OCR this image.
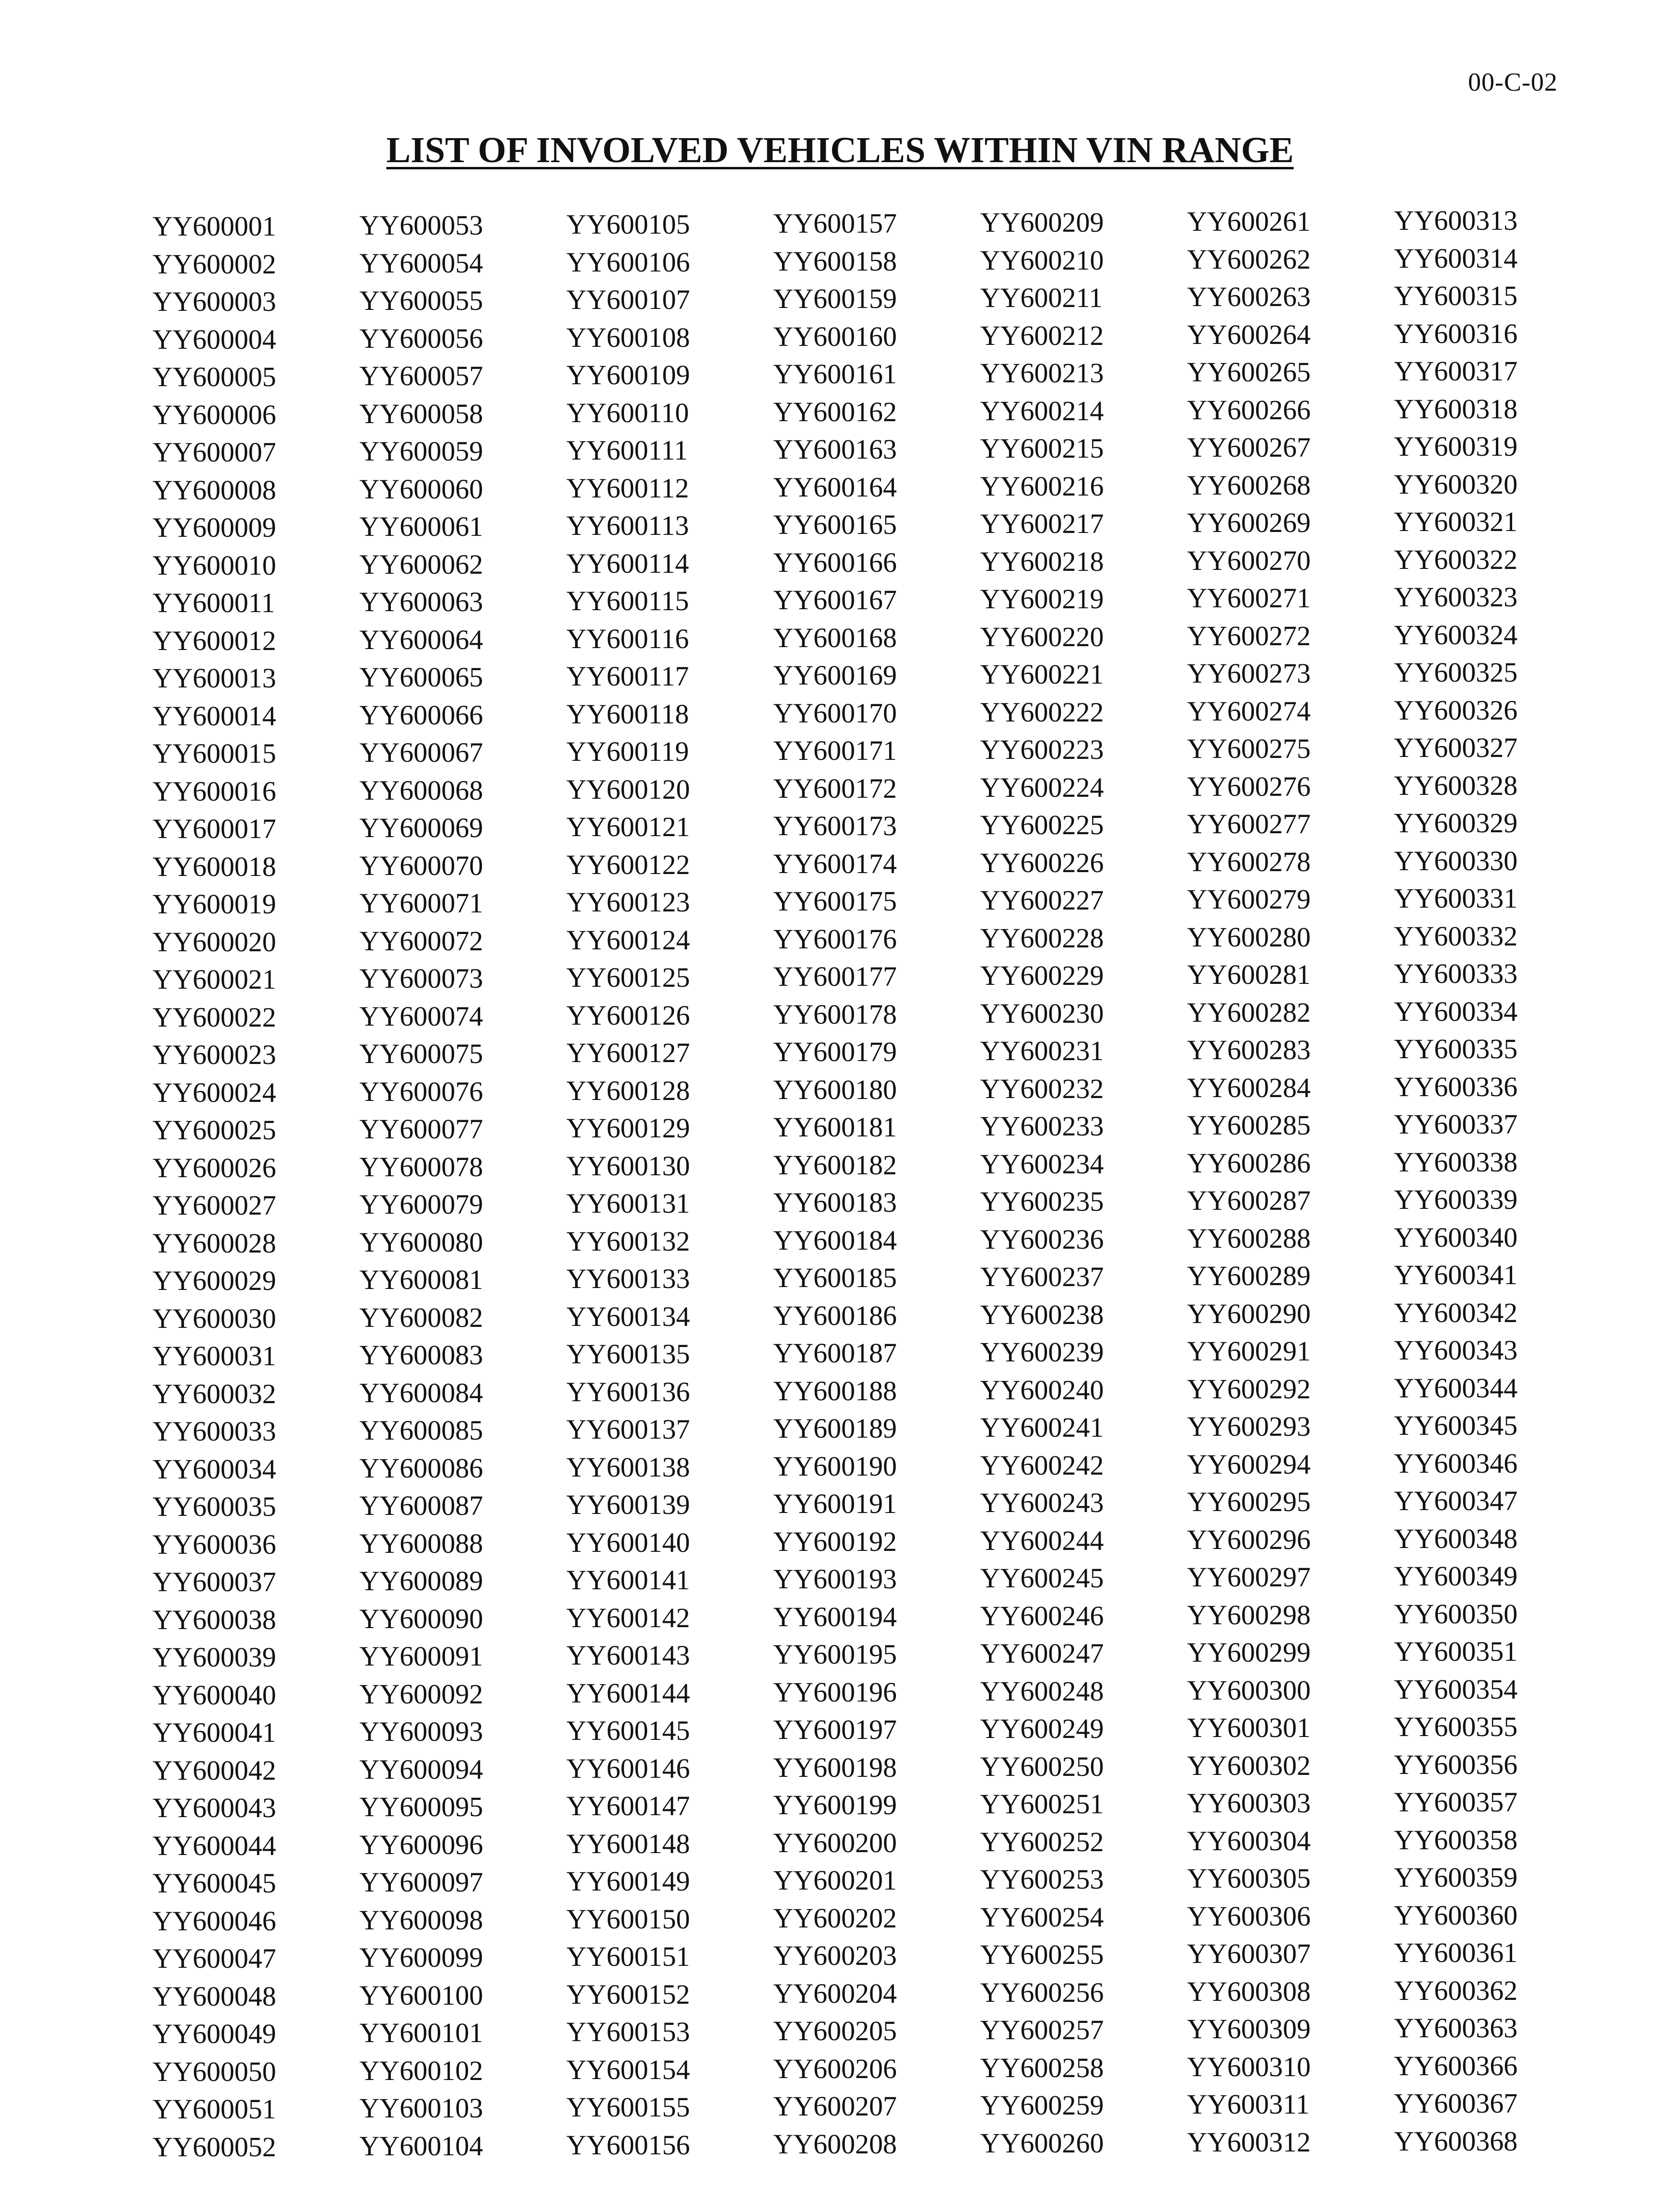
00-C-02
LIST OF INVOLVED VEHICLES WITHIN VIN RANGE
YY600001
YY600002
YY600003
YY600004
YY600005
YY600006
YY600007
YY600008
YY600009
YY600010
YY600011
YY600012
YY600013
YY600014
YY600015
YY600016
YY600017
YY600018
YY600019
YY600020
YY600021
YY600022
YY600023
YY600024
YY600025
YY600026
YY600027
YY600028
YY600029
YY600030
YY600031
YY600032
YY600033
YY600034
YY600035
YY600036
YY600037
YY600038
YY600039
YY600040
YY600041
YY600042
YY600043
YY600044
YY600045
YY600046
YY600047
YY600048
YY600049
YY600050
YY600051
YY600052
YY600053
YY600054
YY600055
YY600056
YY600057
YY600058
YY600059
YY600060
YY600061
YY600062
YY600063
YY600064
YY600065
YY600066
YY600067
YY600068
YY600069
YY600070
YY600071
YY600072
YY600073
YY600074
YY600075
YY600076
YY600077
YY600078
YY600079
YY600080
YY600081
YY600082
YY600083
YY600084
YY600085
YY600086
YY600087
YY600088
YY600089
YY600090
YY600091
YY600092
YY600093
YY600094
YY600095
YY600096
YY600097
YY600098
YY600099
YY600100
YY600101
YY600102
YY600103
YY600104
YY600105
YY600106
YY600107
YY600108
YY600109
YY600110
YY600111
YY600112
YY600113
YY600114
YY600115
YY600116
YY600117
YY600118
YY600119
YY600120
YY600121
YY600122
YY600123
YY600124
YY600125
YY600126
YY600127
YY600128
YY600129
YY600130
YY600131
YY600132
YY600133
YY600134
YY600135
YY600136
YY600137
YY600138
YY600139
YY600140
YY600141
YY600142
YY600143
YY600144
YY600145
YY600146
YY600147
YY600148
YY600149
YY600150
YY600151
YY600152
YY600153
YY600154
YY600155
YY600156
YY600157
YY600158
YY600159
YY600160
YY600161
YY600162
YY600163
YY600164
YY600165
YY600166
YY600167
YY600168
YY600169
YY600170
YY600171
YY600172
YY600173
YY600174
YY600175
YY600176
YY600177
YY600178
YY600179
YY600180
YY600181
YY600182
YY600183
YY600184
YY600185
YY600186
YY600187
YY600188
YY600189
YY600190
YY600191
YY600192
YY600193
YY600194
YY600195
YY600196
YY600197
YY600198
YY600199
YY600200
YY600201
YY600202
YY600203
YY600204
YY600205
YY600206
YY600207
YY600208
YY600209
YY600210
YY600211
YY600212
YY600213
YY600214
YY600215
YY600216
YY600217
YY600218
YY600219
YY600220
YY600221
YY600222
YY600223
YY600224
YY600225
YY600226
YY600227
YY600228
YY600229
YY600230
YY600231
YY600232
YY600233
YY600234
YY600235
YY600236
YY600237
YY600238
YY600239
YY600240
YY600241
YY600242
YY600243
YY600244
YY600245
YY600246
YY600247
YY600248
YY600249
YY600250
YY600251
YY600252
YY600253
YY600254
YY600255
YY600256
YY600257
YY600258
YY600259
YY600260
YY600261
YY600262
YY600263
YY600264
YY600265
YY600266
YY600267
YY600268
YY600269
YY600270
YY600271
YY600272
YY600273
YY600274
YY600275
YY600276
YY600277
YY600278
YY600279
YY600280
YY600281
YY600282
YY600283
YY600284
YY600285
YY600286
YY600287
YY600288
YY600289
YY600290
YY600291
YY600292
YY600293
YY600294
YY600295
YY600296
YY600297
YY600298
YY600299
YY600300
YY600301
YY600302
YY600303
YY600304
YY600305
YY600306
YY600307
YY600308
YY600309
YY600310
YY600311
YY600312
YY600313
YY600314
YY600315
YY600316
YY600317
YY600318
YY600319
YY600320
YY600321
YY600322
YY600323
YY600324
YY600325
YY600326
YY600327
YY600328
YY600329
YY600330
YY600331
YY600332
YY600333
YY600334
YY600335
YY600336
YY600337
YY600338
YY600339
YY600340
YY600341
YY600342
YY600343
YY600344
YY600345
YY600346
YY600347
YY600348
YY600349
YY600350
YY600351
YY600354
YY600355
YY600356
YY600357
YY600358
YY600359
YY600360
YY600361
YY600362
YY600363
YY600366
YY600367
YY600368
